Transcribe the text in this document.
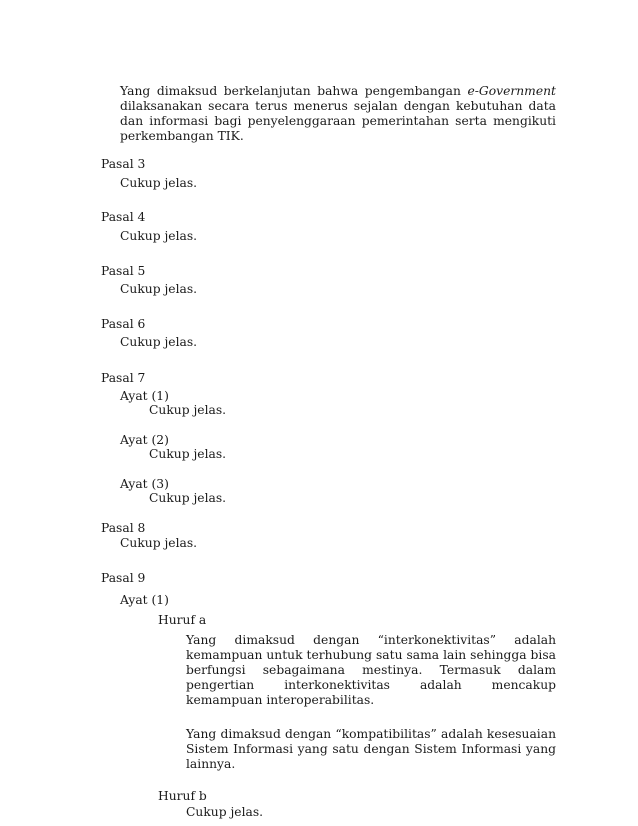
Yang dimaksud berkelanjutan bahwa pengembangan e-Government
dilaksanakan secara terus menerus sejalan dengan kebutuhan data dan informasi bagi penyelenggaraan pemerintahan serta mengikuti perkembangan TIK.
Pasal 3
Cukup jelas.
Pasal 4
Cukup jelas.
Pasal 5
Cukup jelas.
Pasal 6
Cukup jelas.
Pasal 7
Ayat (1)
Cukup jelas.
Ayat (2)
Cukup jelas.
Ayat (3)
Cukup jelas.
Pasal 8
Cukup jelas.
Pasal 9
Ayat (1)
Huruf a
Yang dimaksud dengan “interkonektivitas” adalah
kemampuan untuk terhubung satu sama lain sehingga bisa berfungsi sebagaimana mestinya. Termasuk dalam pengertian interkonektivitas adalah mencakup kemampuan interoperabilitas.
Yang dimaksud dengan “kompatibilitas” adalah kesesuaian Sistem Informasi yang satu dengan Sistem Informasi yang lainnya.
Huruf b
Cukup jelas.
